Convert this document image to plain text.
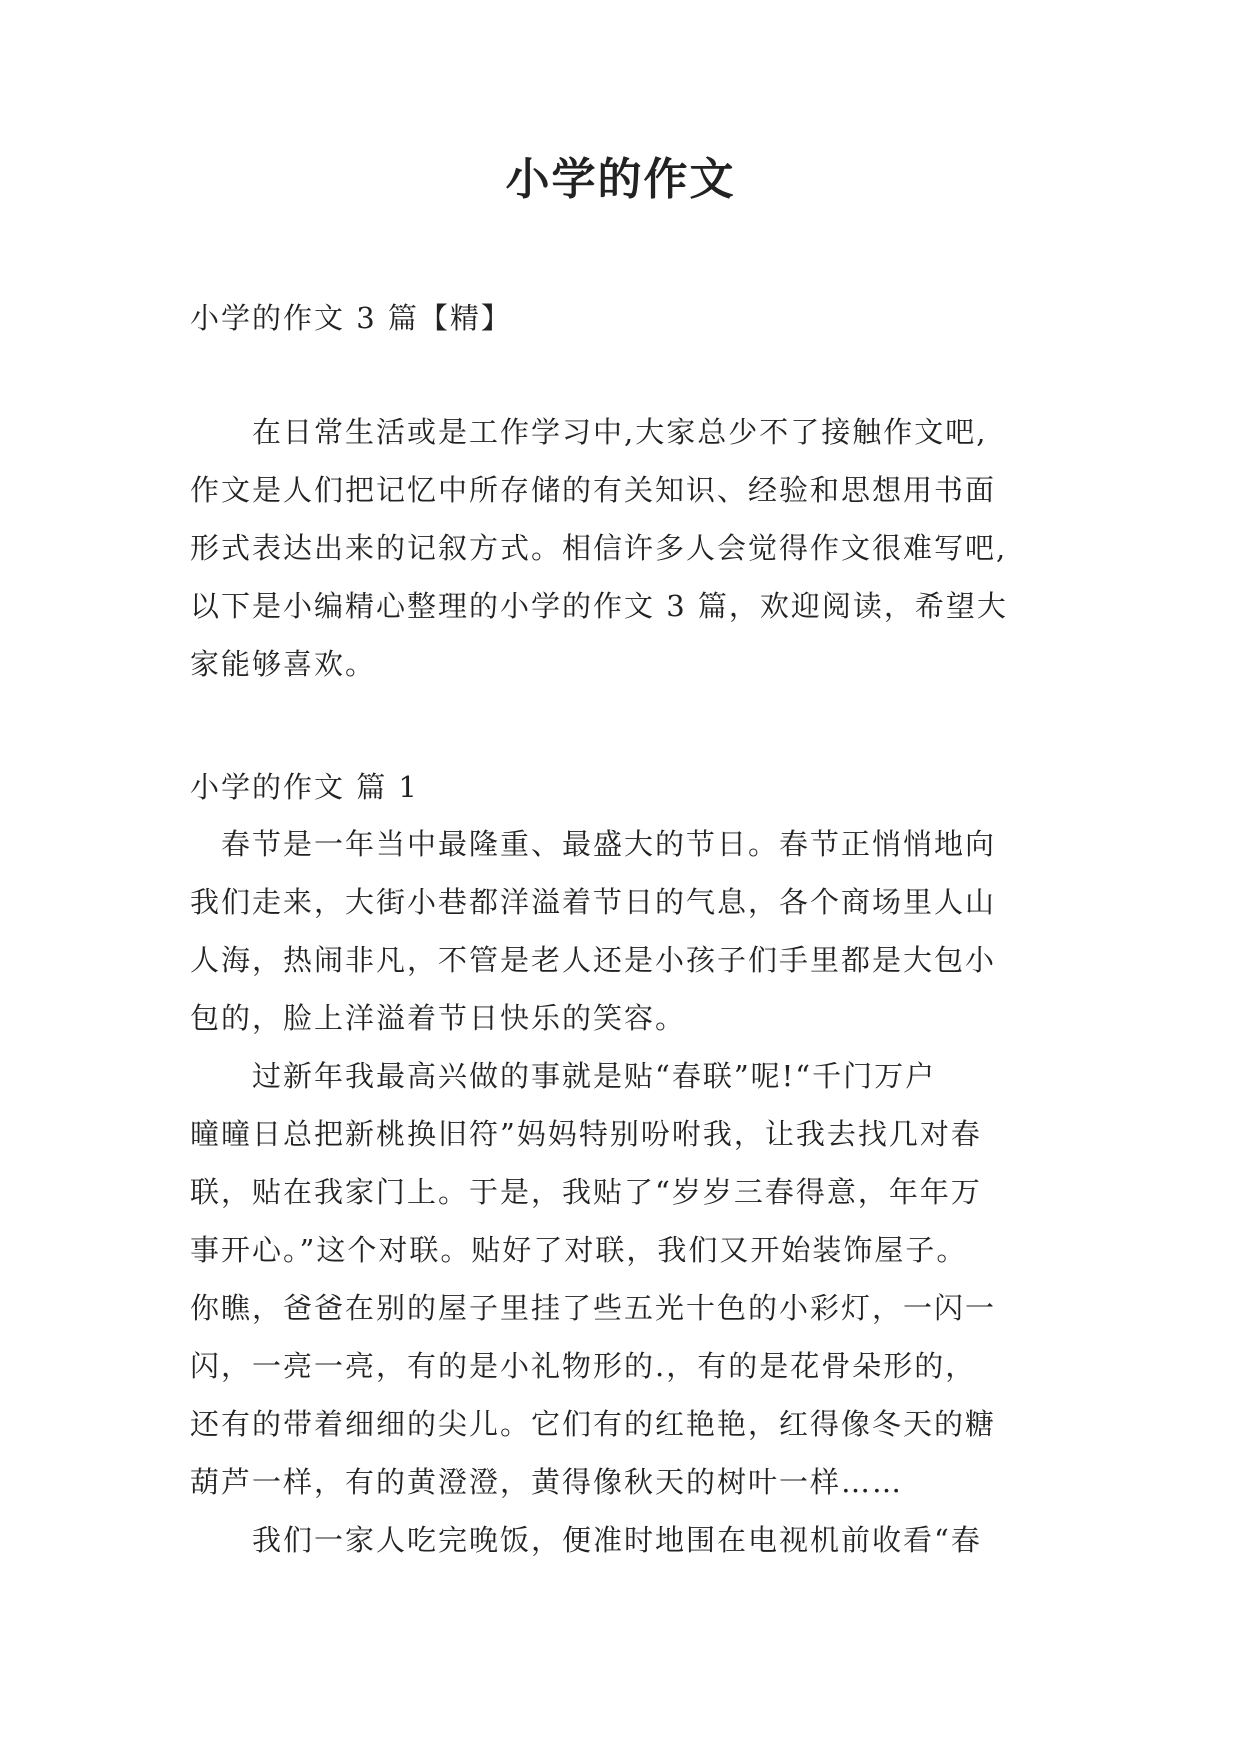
小学的作文

小学的作文 3 篇【精】

　　在日常生活或是工作学习中,大家总少不了接触作文吧,
作文是人们把记忆中所存储的有关知识、经验和思想用书面
形式表达出来的记叙方式。相信许多人会觉得作文很难写吧,
以下是小编精心整理的小学的作文 3 篇，欢迎阅读，希望大
家能够喜欢。

小学的作文 篇 1

　春节是一年当中最隆重、最盛大的节日。春节正悄悄地向
我们走来，大街小巷都洋溢着节日的气息，各个商场里人山
人海，热闹非凡，不管是老人还是小孩子们手里都是大包小
包的，脸上洋溢着节日快乐的笑容。
　　过新年我最高兴做的事就是贴“春联”呢!“千门万户
曈曈日总把新桃换旧符”妈妈特别吩咐我，让我去找几对春
联，贴在我家门上。于是，我贴了“岁岁三春得意，年年万
事开心。”这个对联。贴好了对联，我们又开始装饰屋子。
你瞧，爸爸在别的屋子里挂了些五光十色的小彩灯，一闪一
闪，一亮一亮，有的是小礼物形的.，有的是花骨朵形的，
还有的带着细细的尖儿。它们有的红艳艳，红得像冬天的糖
葫芦一样，有的黄澄澄，黄得像秋天的树叶一样……
　　我们一家人吃完晚饭，便准时地围在电视机前收看“春
